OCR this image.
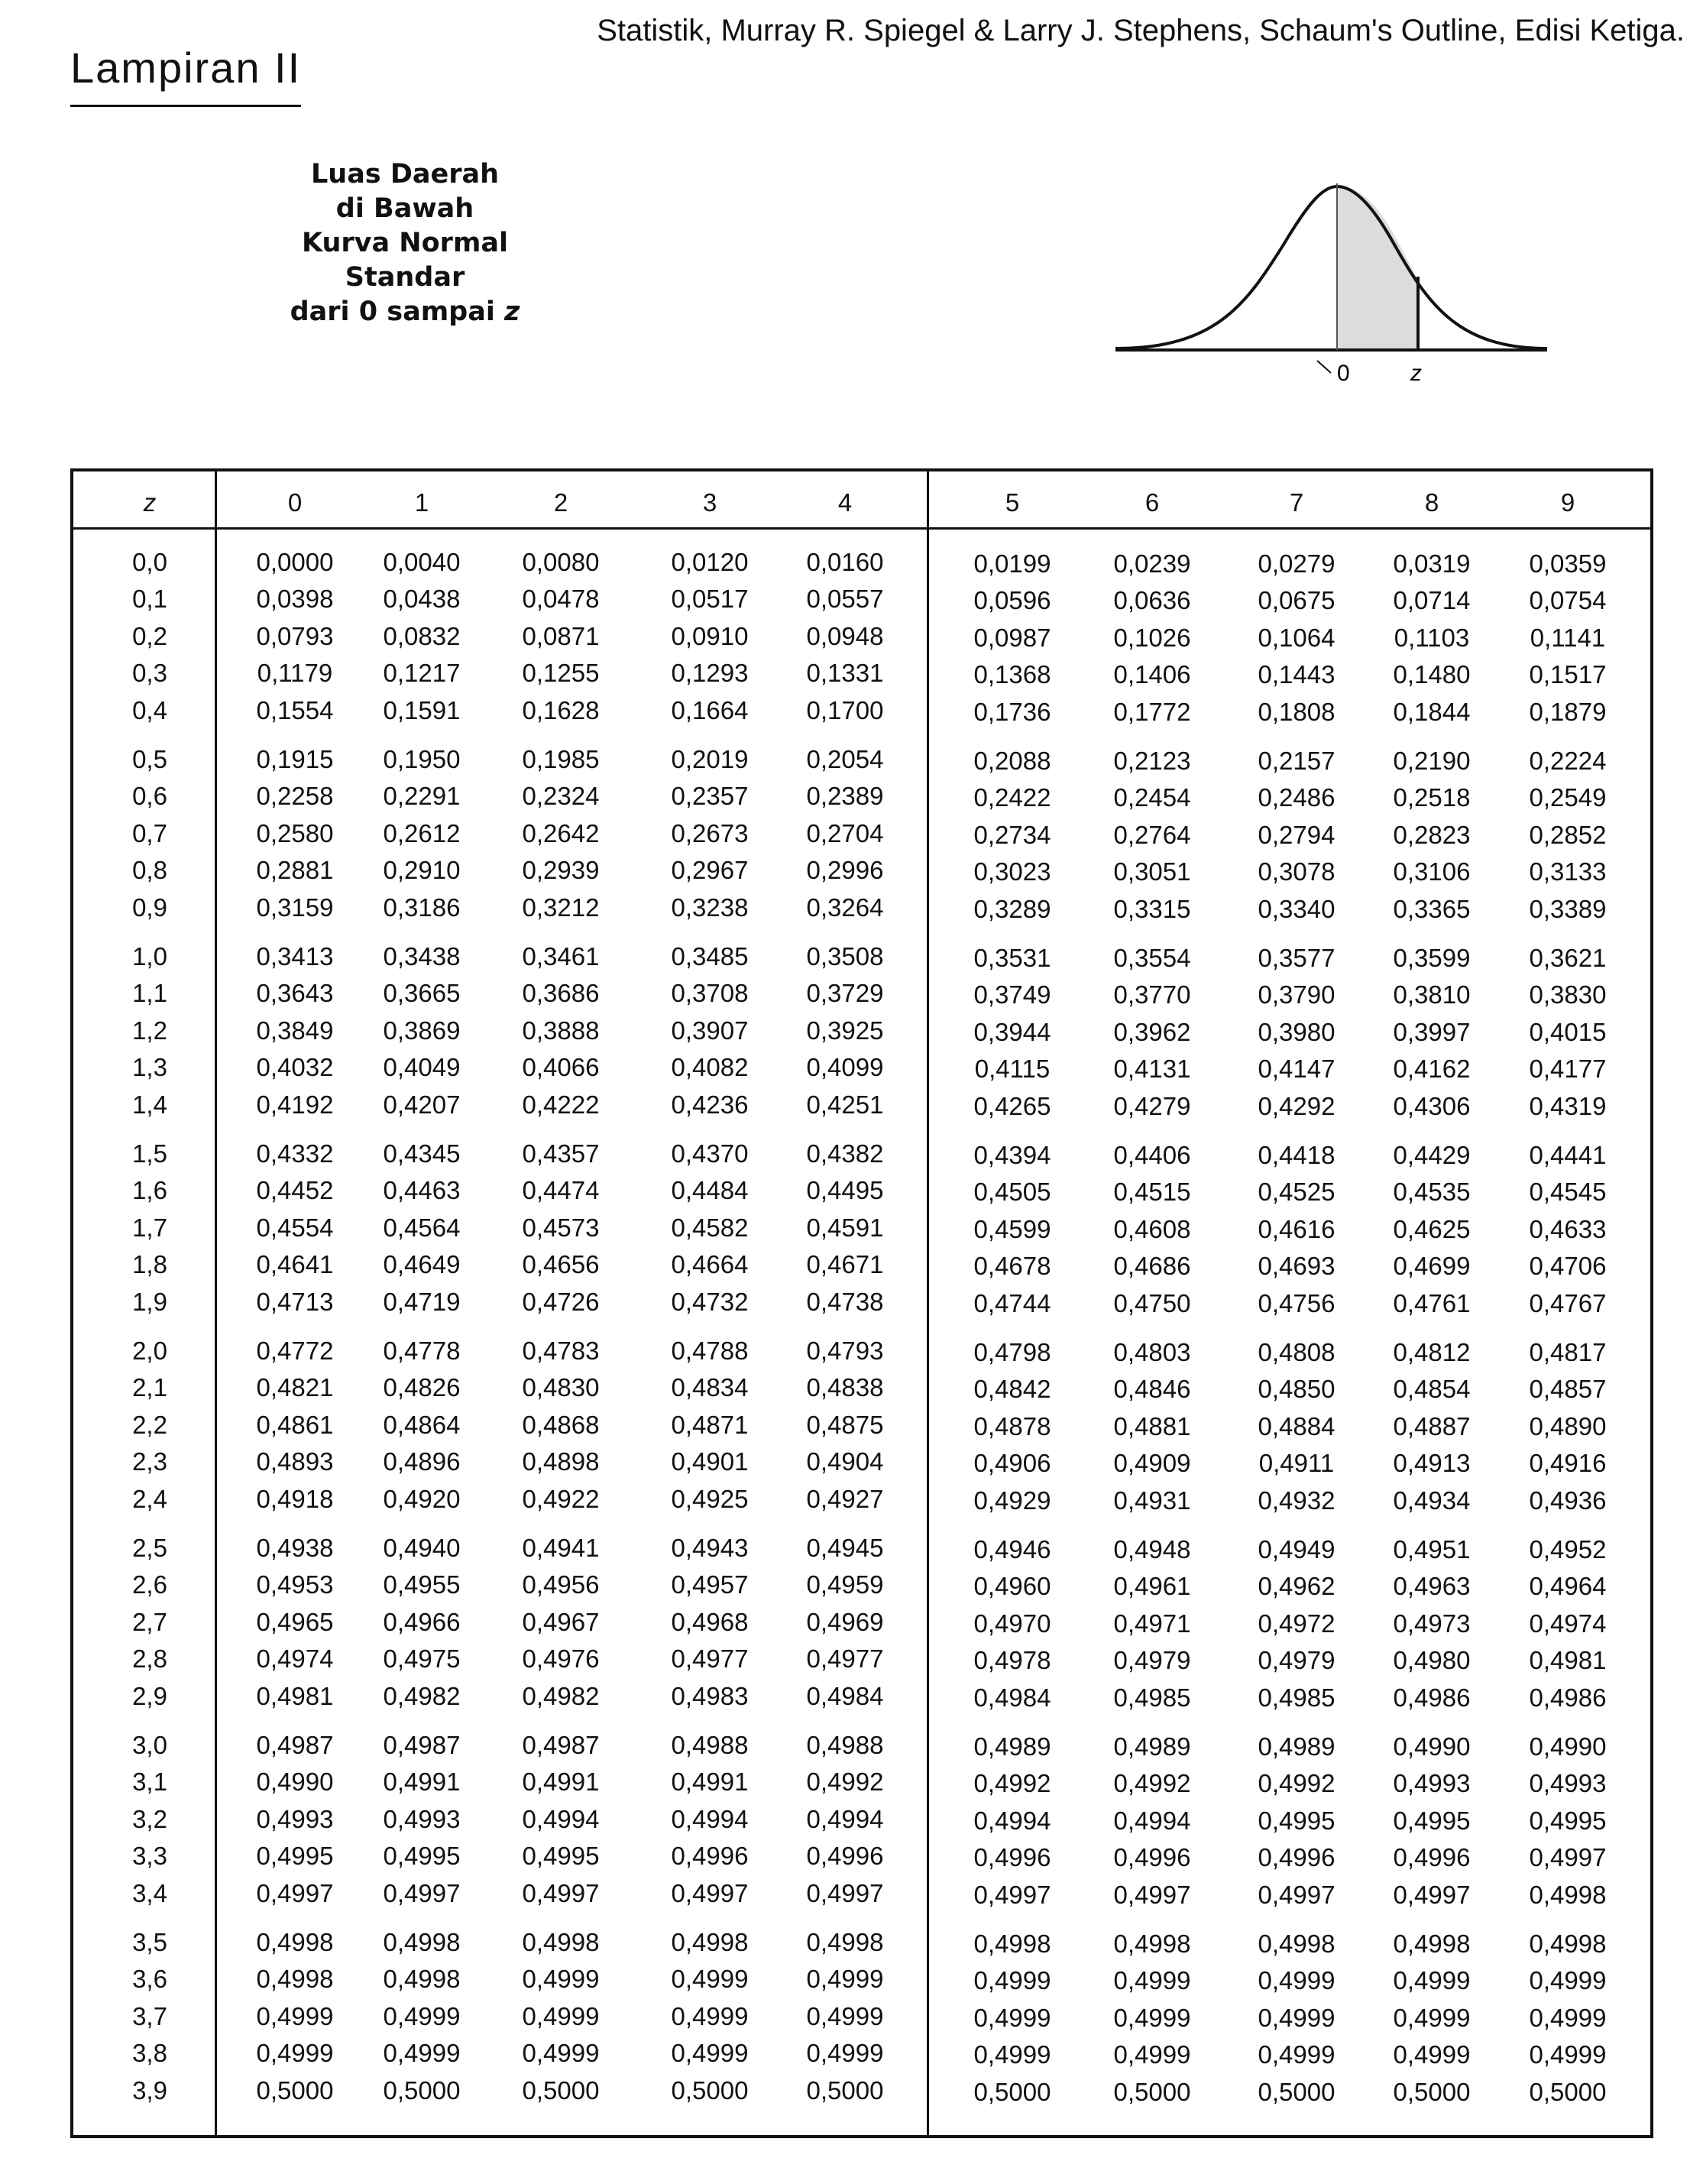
Statistik, Murray R. Spiegel & Larry J. Stephens, Schaum's Outline, Edisi Ketiga.
Lampiran II
Luas Daerah
di Bawah
Kurva Normal
Standar
dari 0 sampai z
0	z
z	0	1	2	3	4	5	6	7	8	9
0,0	0,0000 0,0040 0,0080	0,0120 0,0160	0,0199 0,0239	0,0279 0,0319 0,0359
0,1	0,0398 0,0438 0,0478	0,0517 0,0557	0,0596 0,0636	0,0675 0,0714 0,0754
0,2	0,0793 0,0832 0,0871	0,0910 0,0948	0,0987 0,1026	0,1064 0,1103 0,1141
0,3	0,1179 0,1217 0,1255	0,1293 0,1331	0,1368 0,1406	0,1443 0,1480 0,1517
0,4	0,1554 0,1591 0,1628	0,1664 0,1700	0,1736 0,1772	0,1808 0,1844 0,1879
0,5	0,1915 0,1950 0,1985	0,2019 0,2054	0,2088 0,2123	0,2157 0,2190 0,2224
0,6	0,2258 0,2291 0,2324	0,2357 0,2389	0,2422 0,2454	0,2486 0,2518 0,2549
0,7	0,2580 0,2612 0,2642	0,2673 0,2704	0,2734 0,2764	0,2794 0,2823 0,2852
0,8	0,2881 0,2910 0,2939	0,2967 0,2996	0,3023 0,3051	0,3078 0,3106 0,3133
0,9	0,3159 0,3186 0,3212	0,3238 0,3264	0,3289 0,3315	0,3340 0,3365 0,3389
1,0	0,3413 0,3438 0,3461	0,3485 0,3508	0,3531 0,3554	0,3577 0,3599 0,3621
1,1	0,3643 0,3665 0,3686	0,3708 0,3729	0,3749 0,3770	0,3790 0,3810 0,3830
1,2	0,3849 0,3869 0,3888	0,3907 0,3925	0,3944 0,3962	0,3980 0,3997 0,4015
1,3	0,4032 0,4049 0,4066	0,4082 0,4099	0,4115	0,4131	0,4147 0,4162 0,4177
1,4	0,4192 0,4207 0,4222	0,4236 0,4251	0,4265 0,4279	0,4292 0,4306 0,4319
1,5	0,4332 0,4345 0,4357	0,4370 0,4382	0,4394 0,4406	0,4418 0,4429 0,4441
1,6	0,4452 0,4463 0,4474	0,4484 0,4495	0,4505 0,4515	0,4525 0,4535 0,4545
1,7	0,4554 0,4564 0,4573	0,4582 0,4591	0,4599 0,4608	0,4616 0,4625 0,4633
1,8	0,4641 0,4649 0,4656	0,4664 0,4671	0,4678 0,4686	0,4693 0,4699 0,4706
1,9	0,4713 0,4719 0,4726	0,4732 0,4738	0,4744 0,4750	0,4756 0,4761 0,4767
2,0	0,4772 0,4778 0,4783	0,4788 0,4793	0,4798 0,4803	0,4808 0,4812 0,4817
2,1	0,4821 0,4826 0,4830	0,4834 0,4838	0,4842 0,4846	0,4850 0,4854 0,4857
2,2	0,4861 0,4864 0,4868	0,4871 0,4875	0,4878 0,4881	0,4884 0,4887 0,4890
2,3	0,4893 0,4896 0,4898	0,4901 0,4904	0,4906 0,4909	0,4911 0,4913 0,4916
2,4	0,4918 0,4920 0,4922	0,4925 0,4927	0,4929 0,4931	0,4932 0,4934 0,4936
2,5	0,4938 0,4940 0,4941	0,4943 0,4945	0,4946 0,4948	0,4949 0,4951 0,4952
2,6	0,4953 0,4955 0,4956	0,4957 0,4959	0,4960 0,4961	0,4962 0,4963 0,4964
2,7	0,4965 0,4966 0,4967	0,4968 0,4969	0,4970 0,4971	0,4972 0,4973 0,4974
2,8	0,4974 0,4975 0,4976	0,4977 0,4977	0,4978 0,4979	0,4979 0,4980 0,4981
2,9	0,4981 0,4982 0,4982	0,4983 0,4984	0,4984 0,4985	0,4985 0,4986 0,4986
3,0	0,4987 0,4987 0,4987	0,4988 0,4988	0,4989 0,4989	0,4989 0,4990 0,4990
3,1	0,4990 0,4991 0,4991	0,4991 0,4992	0,4992 0,4992	0,4992 0,4993 0,4993
3,2	0,4993 0,4993 0,4994	0,4994 0,4994	0,4994 0,4994	0,4995 0,4995 0,4995
3,3	0,4995 0,4995 0,4995	0,4996 0,4996	0,4996 0,4996	0,4996 0,4996 0,4997
3,4	0,4997 0,4997 0,4997	0,4997 0,4997	0,4997 0,4997	0,4997 0,4997 0,4998
3,5	0,4998 0,4998 0,4998	0,4998 0,4998	0,4998 0,4998	0,4998 0,4998 0,4998
3,6	0,4998 0,4998 0,4999	0,4999 0,4999	0,4999 0,4999	0,4999 0,4999 0,4999
3,7	0,4999 0,4999 0,4999	0,4999 0,4999	0,4999 0,4999	0,4999 0,4999 0,4999
3,8	0,4999 0,4999 0,4999	0,4999 0,4999	0,4999 0,4999	0,4999 0,4999 0,4999
3,9	0,5000 0,5000 0,5000	0,5000 0,5000	0,5000 0,5000	0,5000 0,5000 0,5000
